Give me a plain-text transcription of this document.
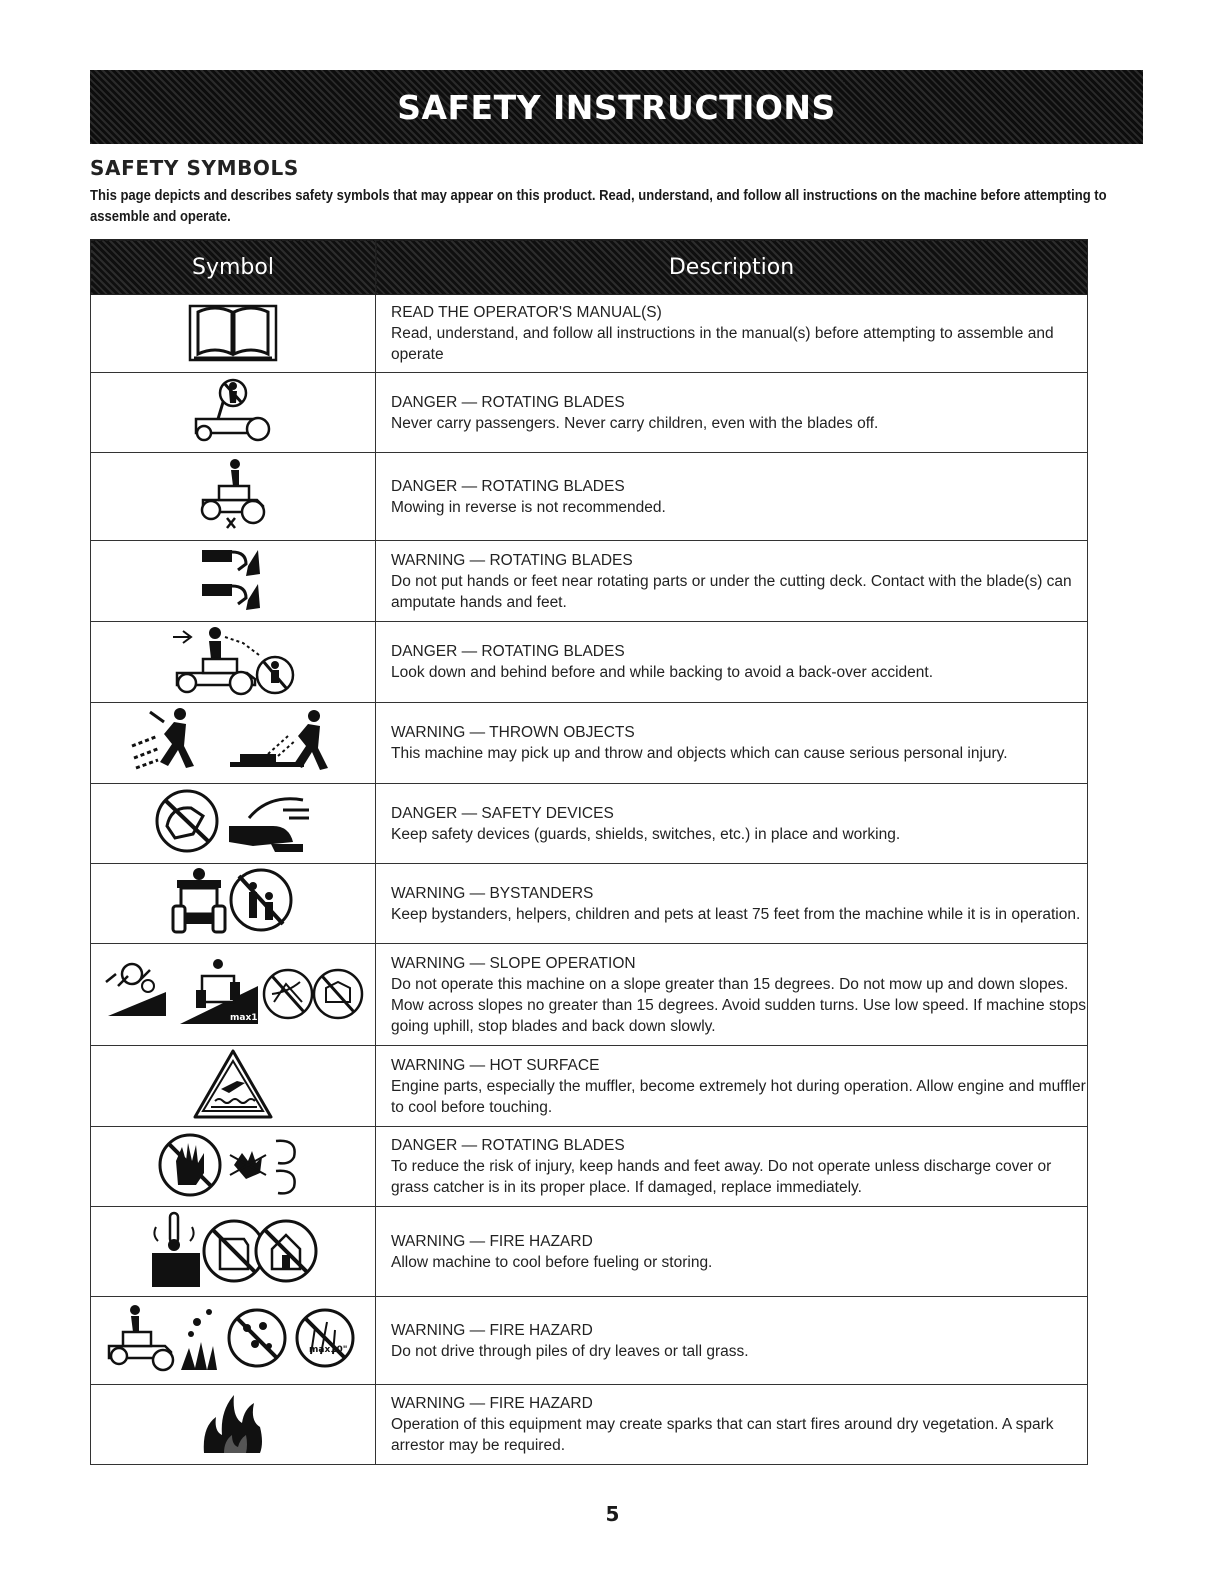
SAFETY INSTRUCTIONS
SAFETY SYMBOLS
This page depicts and describes safety symbols that may appear on this product. Read, understand, and follow all instructions on the machine before attempting to assemble and operate.
Symbol	Description

READ THE OPERATOR'S MANUAL(S)
Read, understand, and follow all instructions in the manual(s) before attempting to assemble and operate

DANGER — ROTATING BLADES
Never carry passengers. Never carry children, even with the blades off.

DANGER — ROTATING BLADES
Mowing in reverse is not recommended.

WARNING — ROTATING BLADES
Do not put hands or feet near rotating parts or under the cutting deck. Contact with the blade(s) can amputate hands and feet.

DANGER — ROTATING BLADES
Look down and behind before and while backing to avoid a back-over accident.

WARNING — THROWN OBJECTS
This machine may pick up and throw and objects which can cause serious personal injury.

DANGER — SAFETY DEVICES
Keep safety devices (guards, shields, switches, etc.) in place and working.

WARNING — BYSTANDERS
Keep bystanders, helpers, children and pets at least 75 feet from the machine while it is in operation.

max15°	WARNING — SLOPE OPERATION
Do not operate this machine on a slope greater than 15 degrees. Do not mow up and down slopes. Mow across slopes no greater than 15 degrees. Avoid sudden turns. Use low speed. If machine stops going uphill, stop blades and back down slowly.

WARNING — HOT SURFACE
Engine parts, especially the muffler, become extremely hot during operation. Allow engine and muffler to cool before touching.

DANGER — ROTATING BLADES
To reduce the risk of injury, keep hands and feet away. Do not operate unless discharge cover or grass catcher is in its proper place. If damaged, replace immediately.

WARNING — FIRE HAZARD
Allow machine to cool before fueling or storing.

max10"	WARNING — FIRE HAZARD
Do not drive through piles of dry leaves or tall grass.

WARNING — FIRE HAZARD
Operation of this equipment may create sparks that can start fires around dry vegetation. A spark arrestor may be required.
5
